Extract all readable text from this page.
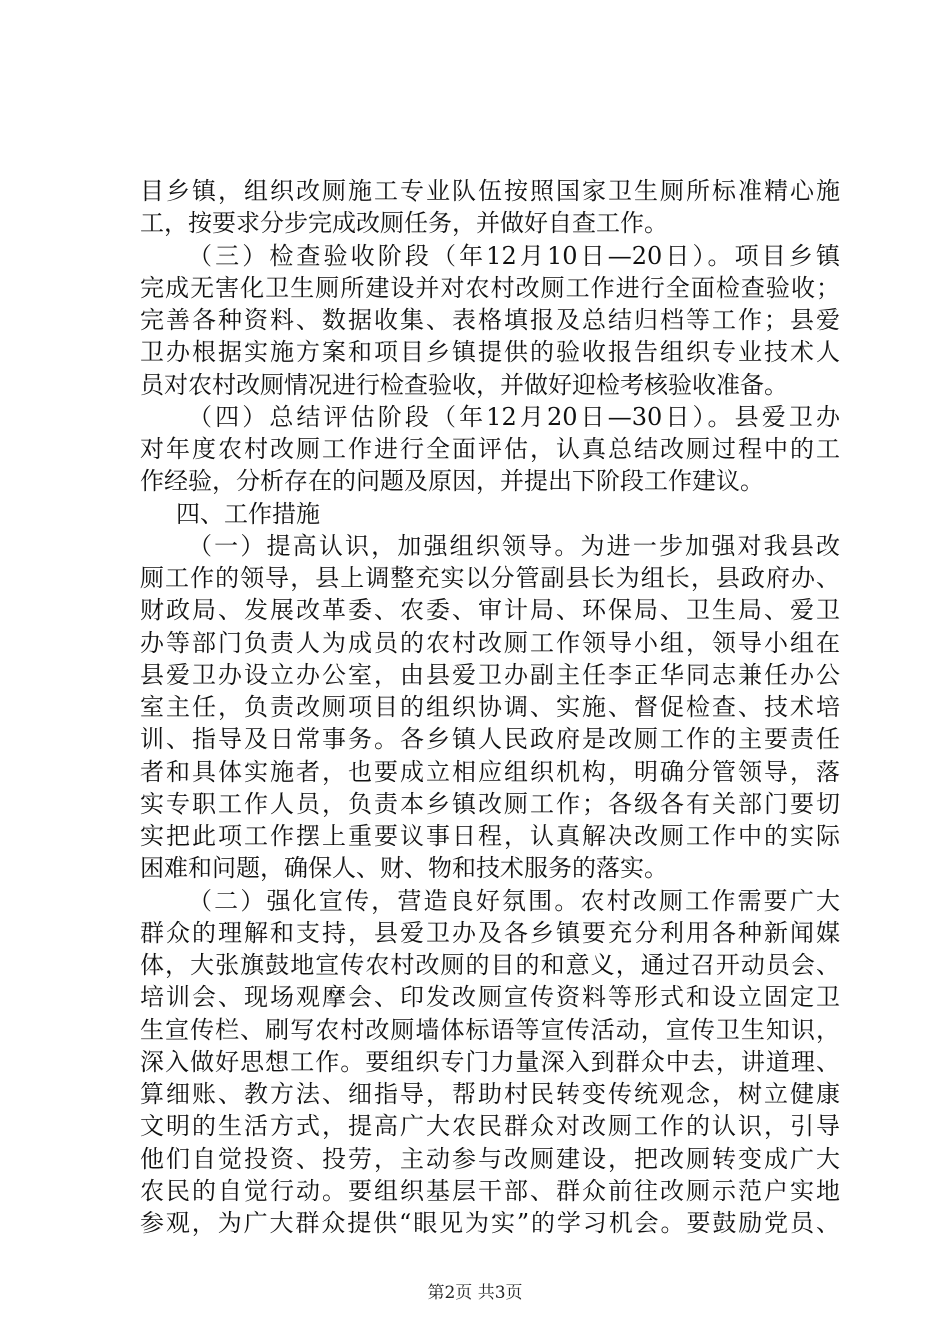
目乡镇，组织改厕施工专业队伍按照国家卫生厕所标准精心施
工，按要求分步完成改厕任务，并做好自查工作。
（三）检查验收阶段（年12月10日—20日）。项目乡镇
完成无害化卫生厕所建设并对农村改厕工作进行全面检查验收；
完善各种资料、数据收集、表格填报及总结归档等工作；县爱
卫办根据实施方案和项目乡镇提供的验收报告组织专业技术人
员对农村改厕情况进行检查验收，并做好迎检考核验收准备。
（四）总结评估阶段（年12月20日—30日）。县爱卫办
对年度农村改厕工作进行全面评估，认真总结改厕过程中的工
作经验，分析存在的问题及原因，并提出下阶段工作建议。
四、工作措施
（一）提高认识，加强组织领导。为进一步加强对我县改
厕工作的领导，县上调整充实以分管副县长为组长，县政府办、
财政局、发展改革委、农委、审计局、环保局、卫生局、爱卫
办等部门负责人为成员的农村改厕工作领导小组，领导小组在
县爱卫办设立办公室，由县爱卫办副主任李正华同志兼任办公
室主任，负责改厕项目的组织协调、实施、督促检查、技术培
训、指导及日常事务。各乡镇人民政府是改厕工作的主要责任
者和具体实施者，也要成立相应组织机构，明确分管领导，落
实专职工作人员，负责本乡镇改厕工作；各级各有关部门要切
实把此项工作摆上重要议事日程，认真解决改厕工作中的实际
困难和问题，确保人、财、物和技术服务的落实。
（二）强化宣传，营造良好氛围。农村改厕工作需要广大
群众的理解和支持，县爱卫办及各乡镇要充分利用各种新闻媒
体，大张旗鼓地宣传农村改厕的目的和意义，通过召开动员会、
培训会、现场观摩会、印发改厕宣传资料等形式和设立固定卫
生宣传栏、刷写农村改厕墙体标语等宣传活动，宣传卫生知识，
深入做好思想工作。要组织专门力量深入到群众中去，讲道理、
算细账、教方法、细指导，帮助村民转变传统观念，树立健康
文明的生活方式，提高广大农民群众对改厕工作的认识，引导
他们自觉投资、投劳，主动参与改厕建设，把改厕转变成广大
农民的自觉行动。要组织基层干部、群众前往改厕示范户实地
参观，为广大群众提供“眼见为实”的学习机会。要鼓励党员、
第2页 共3页
